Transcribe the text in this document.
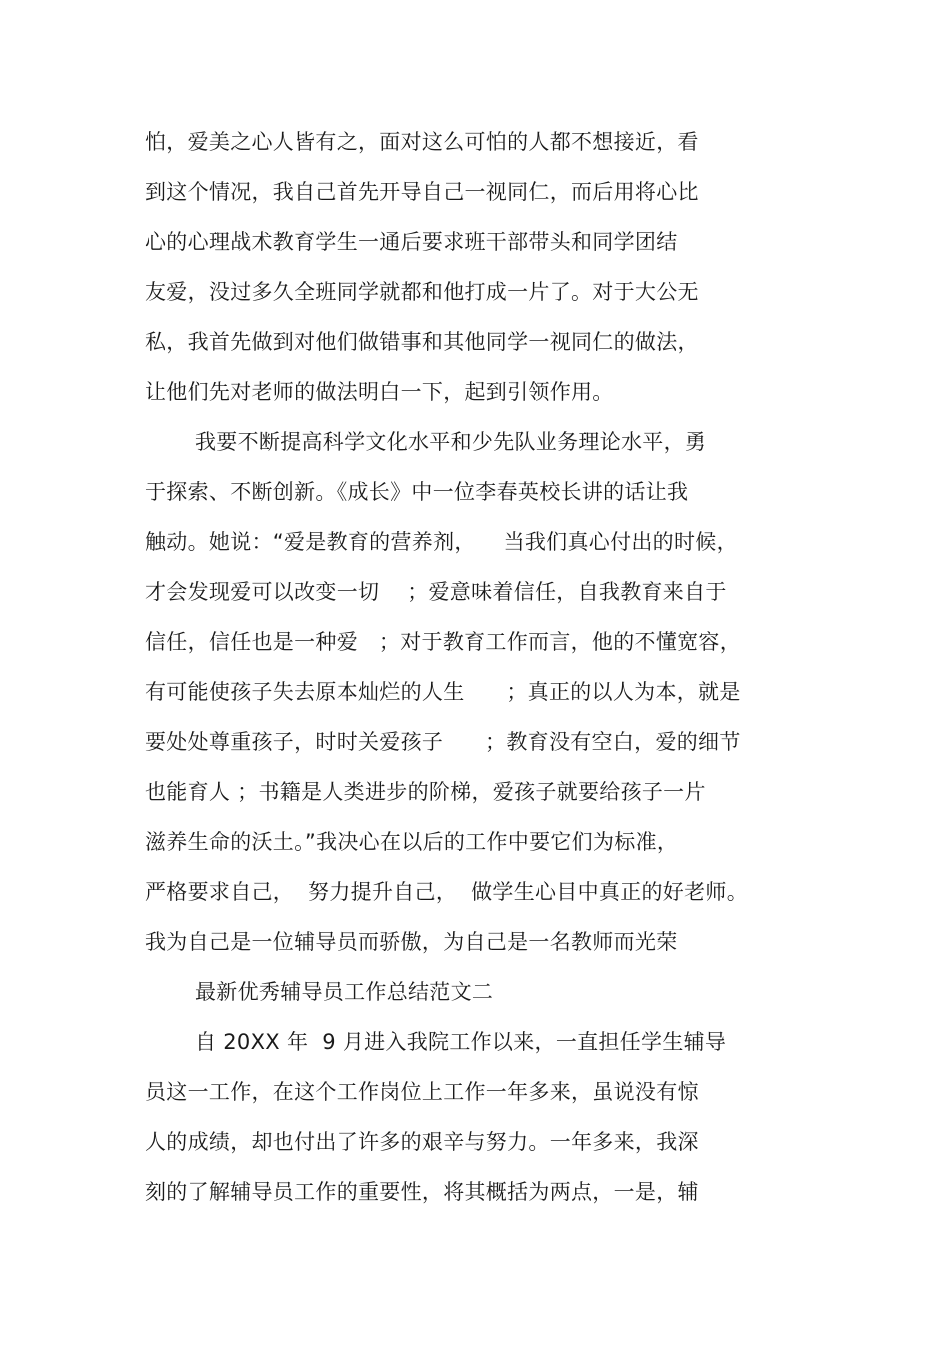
怕，爱美之心人皆有之，面对这么可怕的人都不想接近，看
到这个情况，我自己首先开导自己一视同仁，而后用将心比
心的心理战术教育学生一通后要求班干部带头和同学团结
友爱，没过多久全班同学就都和他打成一片了。对于大公无
私，我首先做到对他们做错事和其他同学一视同仁的做法，
让他们先对老师的做法明白一下，起到引领作用。
我要不断提高科学文化水平和少先队业务理论水平，勇
于探索、不断创新。《成长》中一位李春英校长讲的话让我
触动。她说：“爱是教育的营养剂，    当我们真心付出的时候，
才会发现爱可以改变一切    ；爱意味着信任，自我教育来自于
信任，信任也是一种爱   ；对于教育工作而言，他的不懂宽容，
有可能使孩子失去原本灿烂的人生      ；真正的以人为本，就是
要处处尊重孩子，时时关爱孩子      ；教育没有空白，爱的细节
也能育人 ；书籍是人类进步的阶梯，爱孩子就要给孩子一片
滋养生命的沃土。”我决心在以后的工作中要它们为标准，
严格要求自己，  努力提升自己，  做学生心目中真正的好老师。
我为自己是一位辅导员而骄傲，为自己是一名教师而光荣
最新优秀辅导员工作总结范文二
自 20XX 年  9 月进入我院工作以来，一直担任学生辅导
员这一工作，在这个工作岗位上工作一年多来，虽说没有惊
人的成绩，却也付出了许多的艰辛与努力。一年多来，我深
刻的了解辅导员工作的重要性，将其概括为两点，一是，辅
